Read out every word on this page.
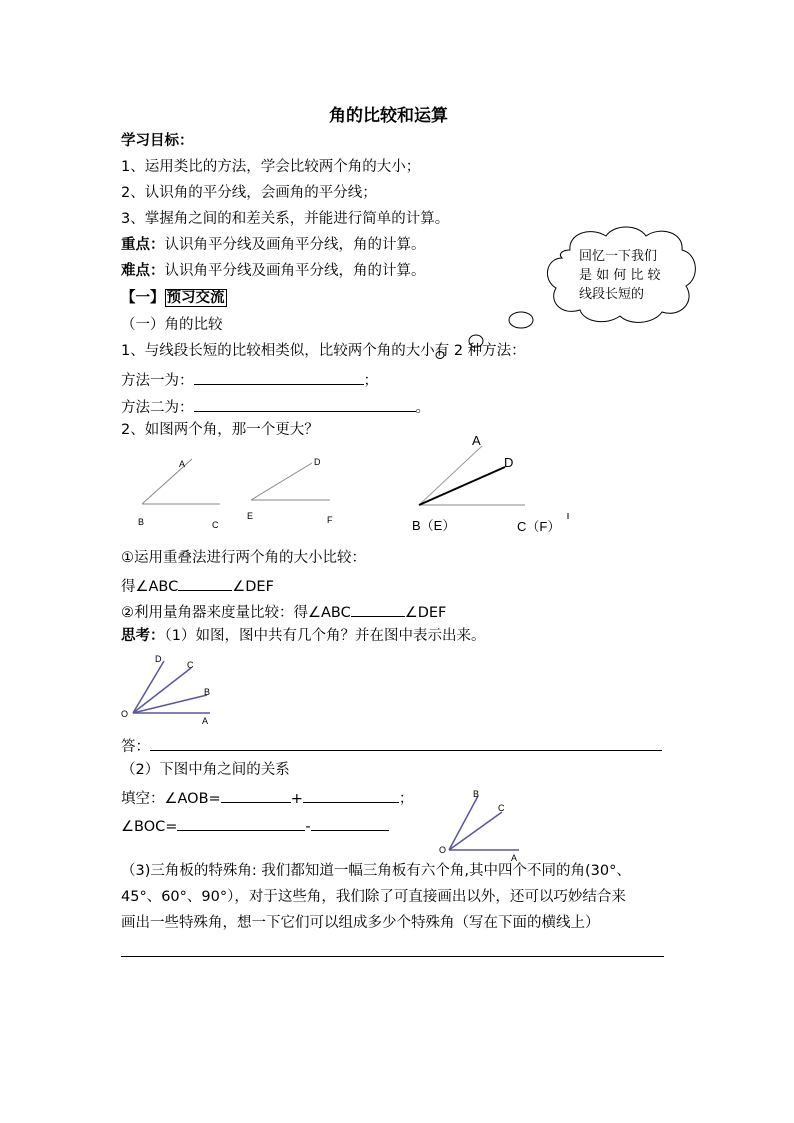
角的比较和运算
学习目标：
1、运用类比的方法，学会比较两个角的大小；
2、认识角的平分线，会画角的平分线；
3、掌握角之间的和差关系，并能进行简单的计算。
重点：认识角平分线及画角平分线，角的计算。
难点：认识角平分线及画角平分线，角的计算。
回忆一下我们
是 如 何 比 较
线段长短的
【一】 预习交流
（一）角的比较
1、与线段长短的比较相类似，比较两个角的大小有 2 种方法：
方法一为：	；
方法二为：	。
2、如图两个角，那一个更大？
A
B	C
D
E	F
A
D
B（E）	C（F）
①运用重叠法进行两个角的大小比较：
得∠ABC	∠DEF
②利用量角器来度量比较：得∠ABC	∠DEF
思考：（1）如图，图中共有几个角？并在图中表示出来。
D
C
B
O
A
答：
（2）下图中角之间的关系
填空：∠AOB=	+	；
∠BOC=	-
B
C
O
A
（3)三角板的特殊角: 我们都知道一幅三角板有六个角,其中四个不同的角(30°、
45°、60°、90°），对于这些角，我们除了可直接画出以外，还可以巧妙结合来
画出一些特殊角，想一下它们可以组成多少个特殊角（写在下面的横线上）
